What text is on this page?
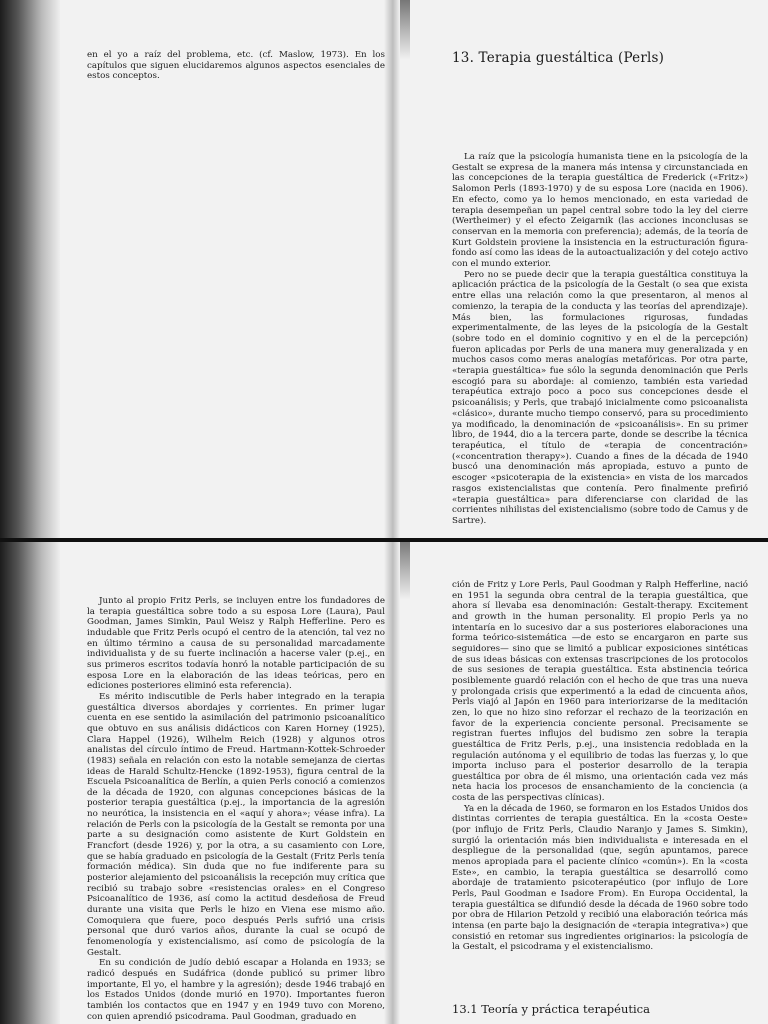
en el yo a raíz del problema, etc. (cf. Maslow, 1973). En los capítulos que siguen elucidaremos algunos aspectos esenciales de estos conceptos.

13. Terapia guestáltica (Perls)

La raíz que la psicología humanista tiene en la psicología de la Gestalt se expresa de la manera más intensa y circunstanciada en las concepciones de la terapia guestáltica de Frederick («Fritz») Salomon Perls (1893-1970) y de su esposa Lore (nacida en 1906). En efecto, como ya lo hemos mencionado, en esta variedad de terapia desempeñan un papel central sobre todo la ley del cierre (Wertheimer) y el efecto Zeigarnik (las acciones inconclusas se conservan en la memoria con preferencia); además, de la teoría de Kurt Goldstein proviene la insistencia en la estructuración figura-fondo así como las ideas de la autoactualización y del cotejo activo con el mundo exterior.

Pero no se puede decir que la terapia guestáltica constituya la aplicación práctica de la psicología de la Gestalt (o sea que exista entre ellas una relación como la que presentaron, al menos al comienzo, la terapia de la conducta y las teorías del aprendizaje). Más bien, las formulaciones rigurosas, fundadas experimentalmente, de las leyes de la psicología de la Gestalt (sobre todo en el dominio cognitivo y en el de la percepción) fueron aplicadas por Perls de una manera muy generalizada y en muchos casos como meras analogías metafóricas. Por otra parte, «terapia guestáltica» fue sólo la segunda denominación que Perls escogió para su abordaje: al comienzo, también esta variedad terapéutica extrajo poco a poco sus concepciones desde el psicoanálisis; y Perls, que trabajó inicialmente como psicoanalista «clásico», durante mucho tiempo conservó, para su procedimiento ya modificado, la denominación de «psicoanálisis». En su primer libro, de 1944, dio a la tercera parte, donde se describe la técnica terapéutica, el título de «terapia de concentración» («concentration therapy»). Cuando a fines de la década de 1940 buscó una denominación más apropiada, estuvo a punto de escoger «psicoterapia de la existencia» en vista de los marcados rasgos existencialistas que contenía. Pero finalmente prefirió «terapia guestáltica» para diferenciarse con claridad de las corrientes nihilistas del existencialismo (sobre todo de Camus y de Sartre).

Junto al propio Fritz Perls, se incluyen entre los fundadores de la terapia guestáltica sobre todo a su esposa Lore (Laura), Paul Goodman, James Simkin, Paul Weisz y Ralph Hefferline. Pero es indudable que Fritz Perls ocupó el centro de la atención, tal vez no en último término a causa de su personalidad marcadamente individualista y de su fuerte inclinación a hacerse valer (p.ej., en sus primeros escritos todavía honró la notable participación de su esposa Lore en la elaboración de las ideas teóricas, pero en ediciones posteriores eliminó esta referencia).

Es mérito indiscutible de Perls haber integrado en la terapia guestáltica diversos abordajes y corrientes. En primer lugar cuenta en ese sentido la asimilación del patrimonio psicoanalítico que obtuvo en sus análisis didácticos con Karen Horney (1925), Clara Happel (1926), Wilhelm Reich (1928) y algunos otros analistas del círculo íntimo de Freud. Hartmann-Kottek-Schroeder (1983) señala en relación con esto la notable semejanza de ciertas ideas de Harald Schultz-Hencke (1892-1953), figura central de la Escuela Psicoanalítica de Berlín, a quien Perls conoció a comienzos de la década de 1920, con algunas concepciones básicas de la posterior terapia guestáltica (p.ej., la importancia de la agresión no neurótica, la insistencia en el «aquí y ahora»; véase infra). La relación de Perls con la psicología de la Gestalt se remonta por una parte a su designación como asistente de Kurt Goldstein en Francfort (desde 1926) y, por la otra, a su casamiento con Lore, que se había graduado en psicología de la Gestalt (Fritz Perls tenía formación médica). Sin duda que no fue indiferente para su posterior alejamiento del psicoanálisis la recepción muy crítica que recibió su trabajo sobre «resistencias orales» en el Congreso Psicoanalítico de 1936, así como la actitud desdeñosa de Freud durante una visita que Perls le hizo en Viena ese mismo año. Comoquiera que fuere, poco después Perls sufrió una crisis personal que duró varios años, durante la cual se ocupó de fenomenología y existencialismo, así como de psicología de la Gestalt.

En su condición de judío debió escapar a Holanda en 1933; se radicó después en Sudáfrica (donde publicó su primer libro importante, El yo, el hambre y la agresión); desde 1946 trabajó en los Estados Unidos (donde murió en 1970). Importantes fueron también los contactos que en 1947 y en 1949 tuvo con Moreno, con quien aprendió psicodrama. Paul Goodman, graduado en

ción de Fritz y Lore Perls, Paul Goodman y Ralph Hefferline, nació en 1951 la segunda obra central de la terapia guestáltica, que ahora sí llevaba esa denominación: Gestalt-therapy. Excitement and growth in the human personality. El propio Perls ya no intentaría en lo sucesivo dar a sus posteriores elaboraciones una forma teórico-sistemática —de esto se encargaron en parte sus seguidores— sino que se limitó a publicar exposiciones sintéticas de sus ideas básicas con extensas trascripciones de los protocolos de sus sesiones de terapia guestáltica. Esta abstinencia teórica posiblemente guardó relación con el hecho de que tras una nueva y prolongada crisis que experimentó a la edad de cincuenta años, Perls viajó al Japón en 1960 para interiorizarse de la meditación zen, lo que no hizo sino reforzar el rechazo de la teorización en favor de la experiencia conciente personal. Precisamente se registran fuertes influjos del budismo zen sobre la terapia guestáltica de Fritz Perls, p.ej., una insistencia redoblada en la regulación autónoma y el equilibrio de todas las fuerzas y, lo que importa incluso para el posterior desarrollo de la terapia guestáltica por obra de él mismo, una orientación cada vez más neta hacia los procesos de ensanchamiento de la conciencia (a costa de las perspectivas clínicas).

Ya en la década de 1960, se formaron en los Estados Unidos dos distintas corrientes de terapia guestáltica. En la «costa Oeste» (por influjo de Fritz Perls, Claudio Naranjo y James S. Simkin), surgió la orientación más bien individualista e interesada en el despliegue de la personalidad (que, según apuntamos, parece menos apropiada para el paciente clínico «común»). En la «costa Este», en cambio, la terapia guestáltica se desarrolló como abordaje de tratamiento psicoterapéutico (por influjo de Lore Perls, Paul Goodman e Isadore From). En Europa Occidental, la terapia guestáltica se difundió desde la década de 1960 sobre todo por obra de Hilarion Petzold y recibió una elaboración teórica más intensa (en parte bajo la designación de «terapia integrativa») que consistió en retomar sus ingredientes originarios: la psicología de la Gestalt, el psicodrama y el existencialismo.

13.1 Teoría y práctica terapéutica
